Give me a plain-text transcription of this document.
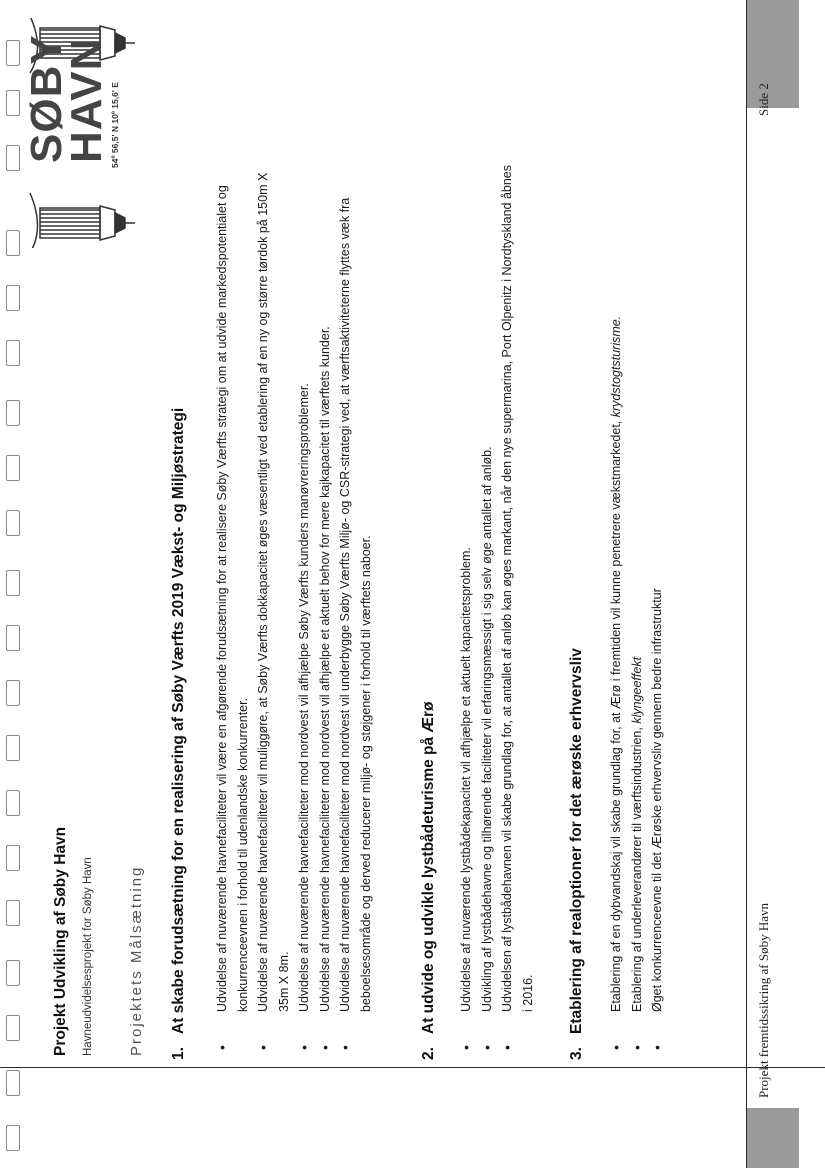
SØBY
HAVN 54º 56,5' N 10º 15,6' E
Projekt Udvikling af Søby Havn Havneudvidelsesprojekt for Søby Havn Projektets Målsætning 1.At skabe forudsætning for en realisering af Søby Værfts 2019 Vækst- og Miljøstrategi • Udvidelse af nuværende havnefaciliteter vil være en afgørende forudsætning for at realisere Søby Værfts strategi om at udvide markedspotentialet og konkurrenceevnen i forhold til udenlandske konkurrenter. • Udvidelse af nuværende havnefaciliteter vil muliggøre, at Søby Værfts dokkapacitet øges væsentligt ved etablering af en ny og større tørdok på 150m X 35m X 8m. • Udvidelse af nuværende havnefaciliteter mod nordvest vil afhjælpe Søby Værfts kunders manøvreringsproblemer. • Udvidelse af nuværende havnefaciliteter mod nordvest vil afhjælpe et aktuelt behov for mere kajkapacitet til værftets kunder. • Udvidelse af nuværende havnefaciliteter mod nordvest vil underbygge Søby Værfts Miljø- og CSR-strategi ved, at værftsaktiviteterne flyttes væk fra beboelsesområde og derved reducerer miljø- og støjgener i forhold til værftets naboer.
2.At udvide og udvikle lystbådeturisme på Ærø • Udvidelse af nuværende lystbådekapacitet vil afhjælpe et aktuelt kapacitetsproblem. • Udvikling af lystbådehavne og tilhørende faciliteter vil erfaringsmæssigt i sig selv øge antallet af anløb. • Udvidelsen af lystbådehavnen vil skabe grundlag for, at antallet af anløb kan øges markant, når den nye supermarina, Port Olpenitz i Nordtyskland åbnes i 2016.
3.Etablering af realoptioner for det ærøske erhvervsliv • Etablering af en dybvandskaj vil skabe grundlag for, at Ærø i fremtiden vil kunne penetrere vækstmarkedet, krydstogtsturisme.
• Etablering af underleverandører til værftsindustrien, klyngeeffekt • Øget konkurrenceevne til det Ærøske erhvervsliv gennem bedre infrastruktur	Projekt fremtidssikring af Søby Havn
Side 2
